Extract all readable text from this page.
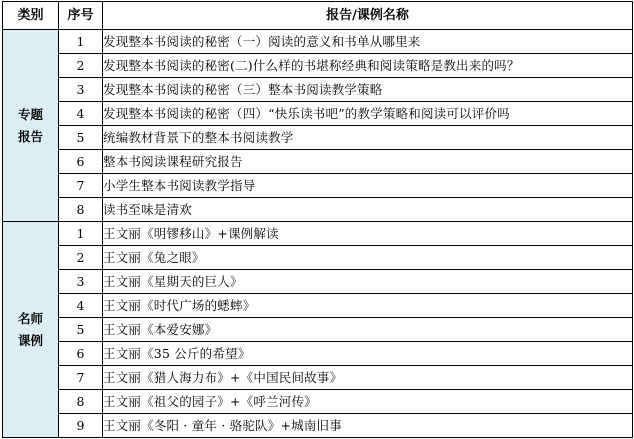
类别	序号	报告/课例名称

专题
报告	1	发现整本书阅读的秘密（一）阅读的意义和书单从哪里来
	2	发现整本书阅读的秘密(二)什么样的书堪称经典和阅读策略是教出来的吗？
	3	发现整本书阅读的秘密（三）整本书阅读教学策略
	4	发现整本书阅读的秘密（四）“快乐读书吧”的教学策略和阅读可以评价吗
	5	统编教材背景下的整本书阅读教学
	6	整本书阅读课程研究报告
	7	小学生整本书阅读教学指导
	8	读书至味是清欢

名师
课例	1	王文丽《明镠移山》+课例解读
	2	王文丽《兔之眼》
	3	王文丽《星期天的巨人》
	4	王文丽《时代广场的蟋蟀》
	5	王文丽《本爱安娜》
	6	王文丽《35 公斤的希望》
	7	王文丽《猎人海力布》+《中国民间故事》
	8	王文丽《祖父的园子》+《呼兰河传》
	9	王文丽《冬阳 · 童年 · 骆驼队》+城南旧事
